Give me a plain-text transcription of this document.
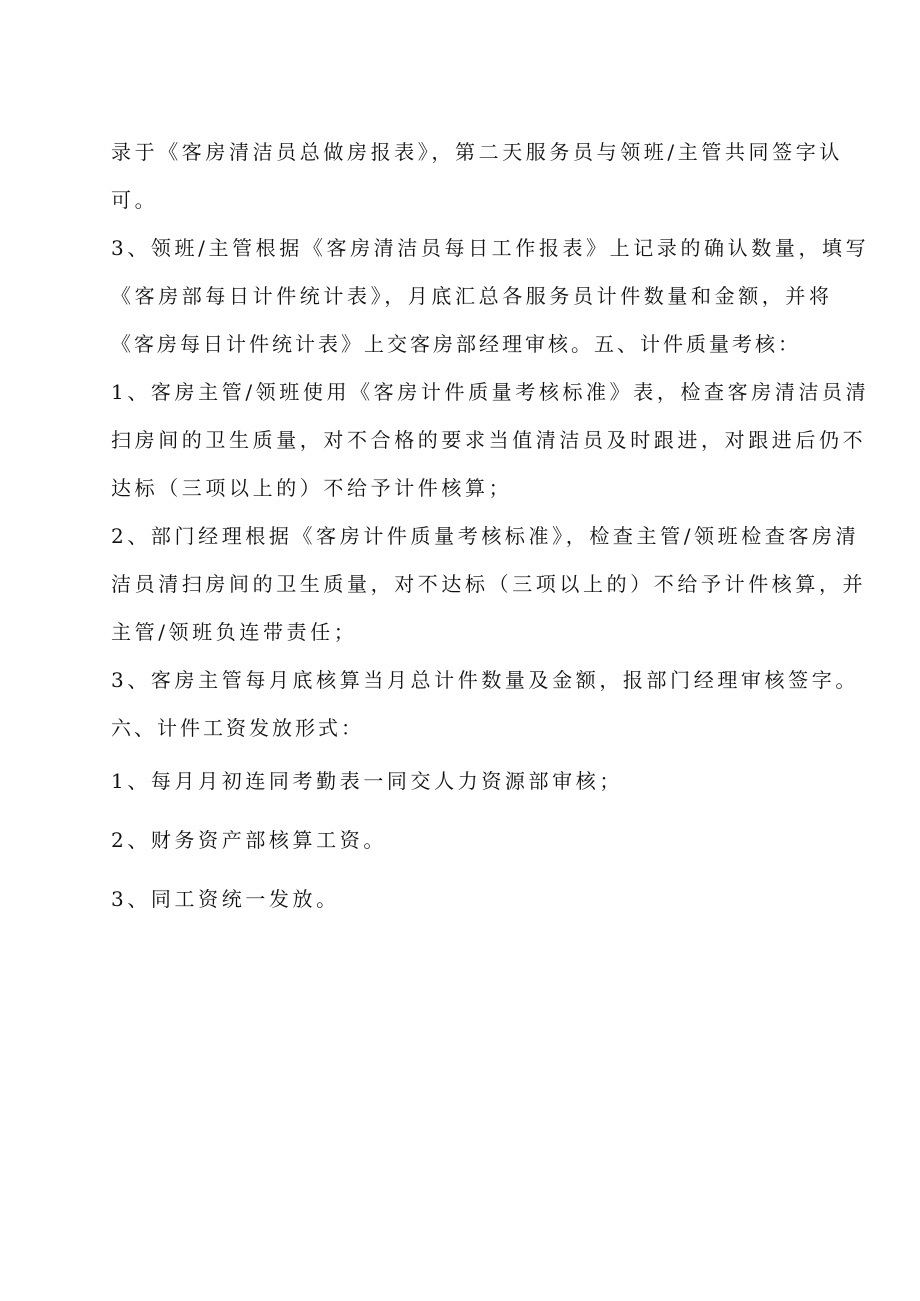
录于《客房清洁员总做房报表》，第二天服务员与领班/主管共同签字认
可。
3、领班/主管根据《客房清洁员每日工作报表》上记录的确认数量，填写
《客房部每日计件统计表》，月底汇总各服务员计件数量和金额，并将
《客房每日计件统计表》上交客房部经理审核。五、计件质量考核：
1、客房主管/领班使用《客房计件质量考核标准》表，检查客房清洁员清
扫房间的卫生质量，对不合格的要求当值清洁员及时跟进，对跟进后仍不
达标（三项以上的）不给予计件核算；
2、部门经理根据《客房计件质量考核标准》，检查主管/领班检查客房清
洁员清扫房间的卫生质量，对不达标（三项以上的）不给予计件核算，并
主管/领班负连带责任；
3、客房主管每月底核算当月总计件数量及金额，报部门经理审核签字。
六、计件工资发放形式：
1、每月月初连同考勤表一同交人力资源部审核；
2、财务资产部核算工资。
3、同工资统一发放。
